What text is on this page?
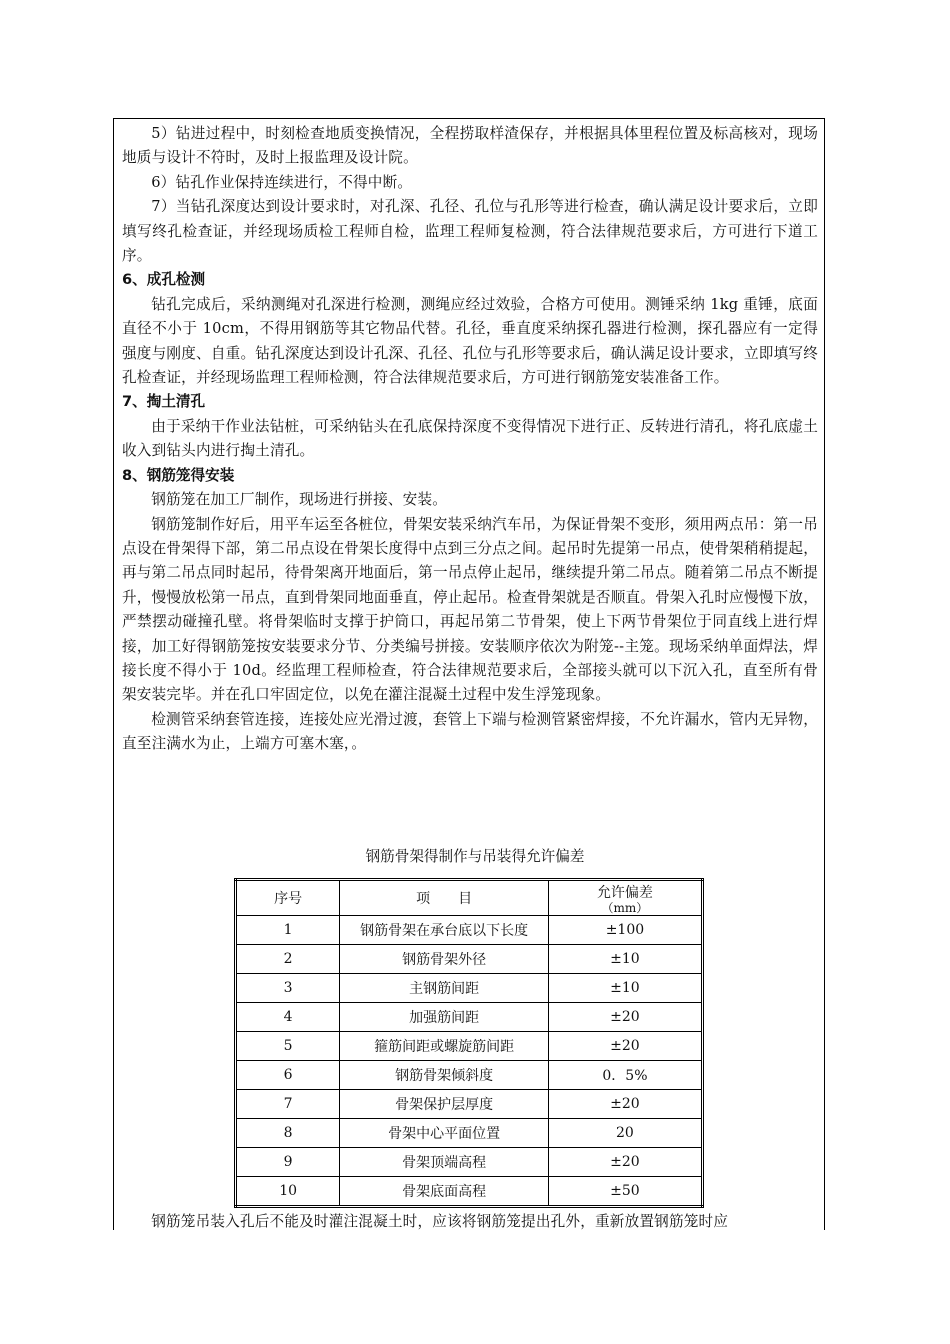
5）钻进过程中，时刻检查地质变换情况，全程捞取样渣保存，并根据具体里程位置及标高核对，现场地质与设计不符时，及时上报监理及设计院。

6）钻孔作业保持连续进行，不得中断。

7）当钻孔深度达到设计要求时，对孔深、孔径、孔位与孔形等进行检查，确认满足设计要求后，立即填写终孔检查证，并经现场质检工程师自检，监理工程师复检测，符合法律规范要求后，方可进行下道工序。

6、成孔检测

钻孔完成后，采纳测绳对孔深进行检测，测绳应经过效验，合格方可使用。测锤采纳 1kg 重锤，底面直径不小于 10cm，不得用钢筋等其它物品代替。孔径，垂直度采纳探孔器进行检测，探孔器应有一定得强度与刚度、自重。钻孔深度达到设计孔深、孔径、孔位与孔形等要求后，确认满足设计要求，立即填写终孔检查证，并经现场监理工程师检测，符合法律规范要求后，方可进行钢筋笼安装准备工作。

7、掏土清孔

由于采纳干作业法钻桩，可采纳钻头在孔底保持深度不变得情况下进行正、反转进行清孔，将孔底虚土收入到钻头内进行掏土清孔。

8、钢筋笼得安装

钢筋笼在加工厂制作，现场进行拼接、安装。

钢筋笼制作好后，用平车运至各桩位，骨架安装采纳汽车吊，为保证骨架不变形，须用两点吊：第一吊点设在骨架得下部，第二吊点设在骨架长度得中点到三分点之间。起吊时先提第一吊点，使骨架稍稍提起，再与第二吊点同时起吊，待骨架离开地面后，第一吊点停止起吊，继续提升第二吊点。随着第二吊点不断提升，慢慢放松第一吊点，直到骨架同地面垂直，停止起吊。检查骨架就是否顺直。骨架入孔时应慢慢下放，严禁摆动碰撞孔壁。将骨架临时支撑于护筒口，再起吊第二节骨架，使上下两节骨架位于同直线上进行焊接，加工好得钢筋笼按安装要求分节、分类编号拼接。安装顺序依次为附笼--主笼。现场采纳单面焊法，焊接长度不得小于 10d。经监理工程师检查，符合法律规范要求后，全部接头就可以下沉入孔，直至所有骨架安装完毕。并在孔口牢固定位，以免在灌注混凝土过程中发生浮笼现象。

检测管采纳套管连接，连接处应光滑过渡，套管上下端与检测管紧密焊接，不允许漏水，管内无异物，直至注满水为止，上端方可塞木塞，。

钢筋骨架得制作与吊装得允许偏差
序号	项　　目	允许偏差
（mm）

1	钢筋骨架在承台底以下长度	±100
2	钢筋骨架外径	±10
3	主钢筋间距	±10
4	加强筋间距	±20
5	箍筋间距或螺旋筋间距	±20
6	钢筋骨架倾斜度	0．5%
7	骨架保护层厚度	±20
8	骨架中心平面位置	20
9	骨架顶端高程	±20
10	骨架底面高程	±50
钢筋笼吊装入孔后不能及时灌注混凝土时，应该将钢筋笼提出孔外，重新放置钢筋笼时应
